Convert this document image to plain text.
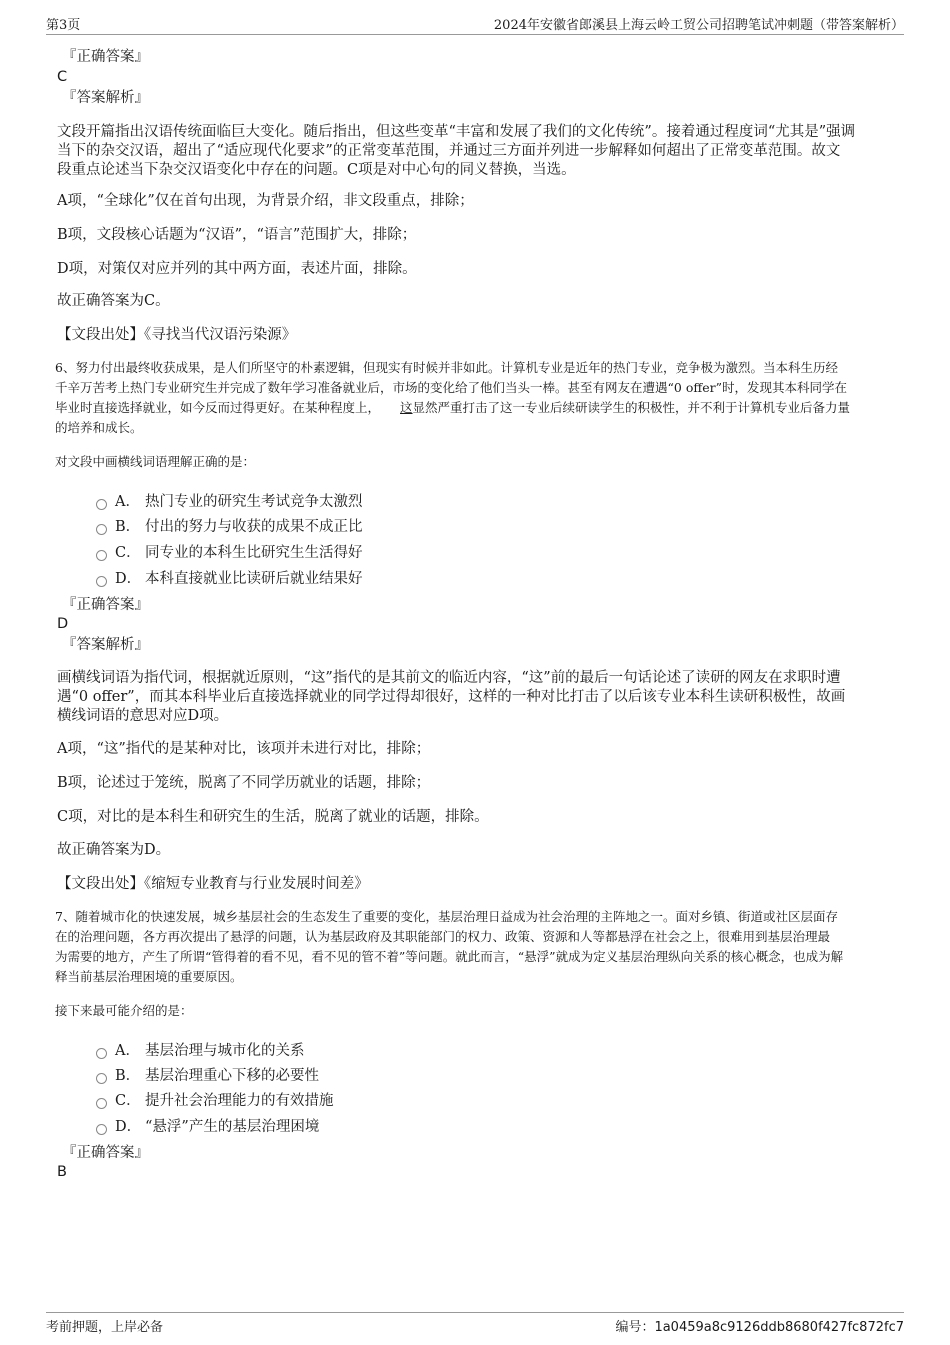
第3页	2024年安徽省郎溪县上海云岭工贸公司招聘笔试冲刺题（带答案解析）
『正确答案』
C
『答案解析』
文段开篇指出汉语传统面临巨大变化。随后指出，但这些变革“丰富和发展了我们的文化传统”。接着通过程度词“尤其是”强调
当下的杂交汉语，超出了“适应现代化要求”的正常变革范围，并通过三方面并列进一步解释如何超出了正常变革范围。故文
段重点论述当下杂交汉语变化中存在的问题。C项是对中心句的同义替换，当选。
A项，“全球化”仅在首句出现，为背景介绍，非文段重点，排除；
B项，文段核心话题为“汉语”，“语言”范围扩大，排除；
D项，对策仅对应并列的其中两方面，表述片面，排除。
故正确答案为C。
【文段出处】《寻找当代汉语污染源》
6、努力付出最终收获成果，是人们所坚守的朴素逻辑，但现实有时候并非如此。计算机专业是近年的热门专业，竞争极为激烈。当本科生历经
千辛万苦考上热门专业研究生并完成了数年学习准备就业后，市场的变化给了他们当头一棒。甚至有网友在遭遇“0 offer”时，发现其本科同学在
毕业时直接选择就业，如今反而过得更好。在某种程度上， 这显然严重打击了这一专业后续研读学生的积极性，并不利于计算机专业后备力量
的培养和成长。
对文段中画横线词语理解正确的是：
A． 热门专业的研究生考试竞争太激烈
B． 付出的努力与收获的成果不成正比
C． 同专业的本科生比研究生生活得好
D． 本科直接就业比读研后就业结果好
『正确答案』
D
『答案解析』
画横线词语为指代词，根据就近原则，“这”指代的是其前文的临近内容，“这”前的最后一句话论述了读研的网友在求职时遭
遇“0 offer”，而其本科毕业后直接选择就业的同学过得却很好，这样的一种对比打击了以后该专业本科生读研积极性，故画
横线词语的意思对应D项。
A项，“这”指代的是某种对比，该项并未进行对比，排除；
B项，论述过于笼统，脱离了不同学历就业的话题，排除；
C项，对比的是本科生和研究生的生活，脱离了就业的话题，排除。
故正确答案为D。
【文段出处】《缩短专业教育与行业发展时间差》
7、随着城市化的快速发展，城乡基层社会的生态发生了重要的变化，基层治理日益成为社会治理的主阵地之一。面对乡镇、街道或社区层面存
在的治理问题，各方再次提出了悬浮的问题，认为基层政府及其职能部门的权力、政策、资源和人等都悬浮在社会之上，很难用到基层治理最
为需要的地方，产生了所谓“管得着的看不见，看不见的管不着”等问题。就此而言，“悬浮”就成为定义基层治理纵向关系的核心概念，也成为解
释当前基层治理困境的重要原因。
接下来最可能介绍的是：
A． 基层治理与城市化的关系
B． 基层治理重心下移的必要性
C． 提升社会治理能力的有效措施
D． “悬浮”产生的基层治理困境
『正确答案』
B
考前押题，上岸必备	编号：1a0459a8c9126ddb8680f427fc872fc7
